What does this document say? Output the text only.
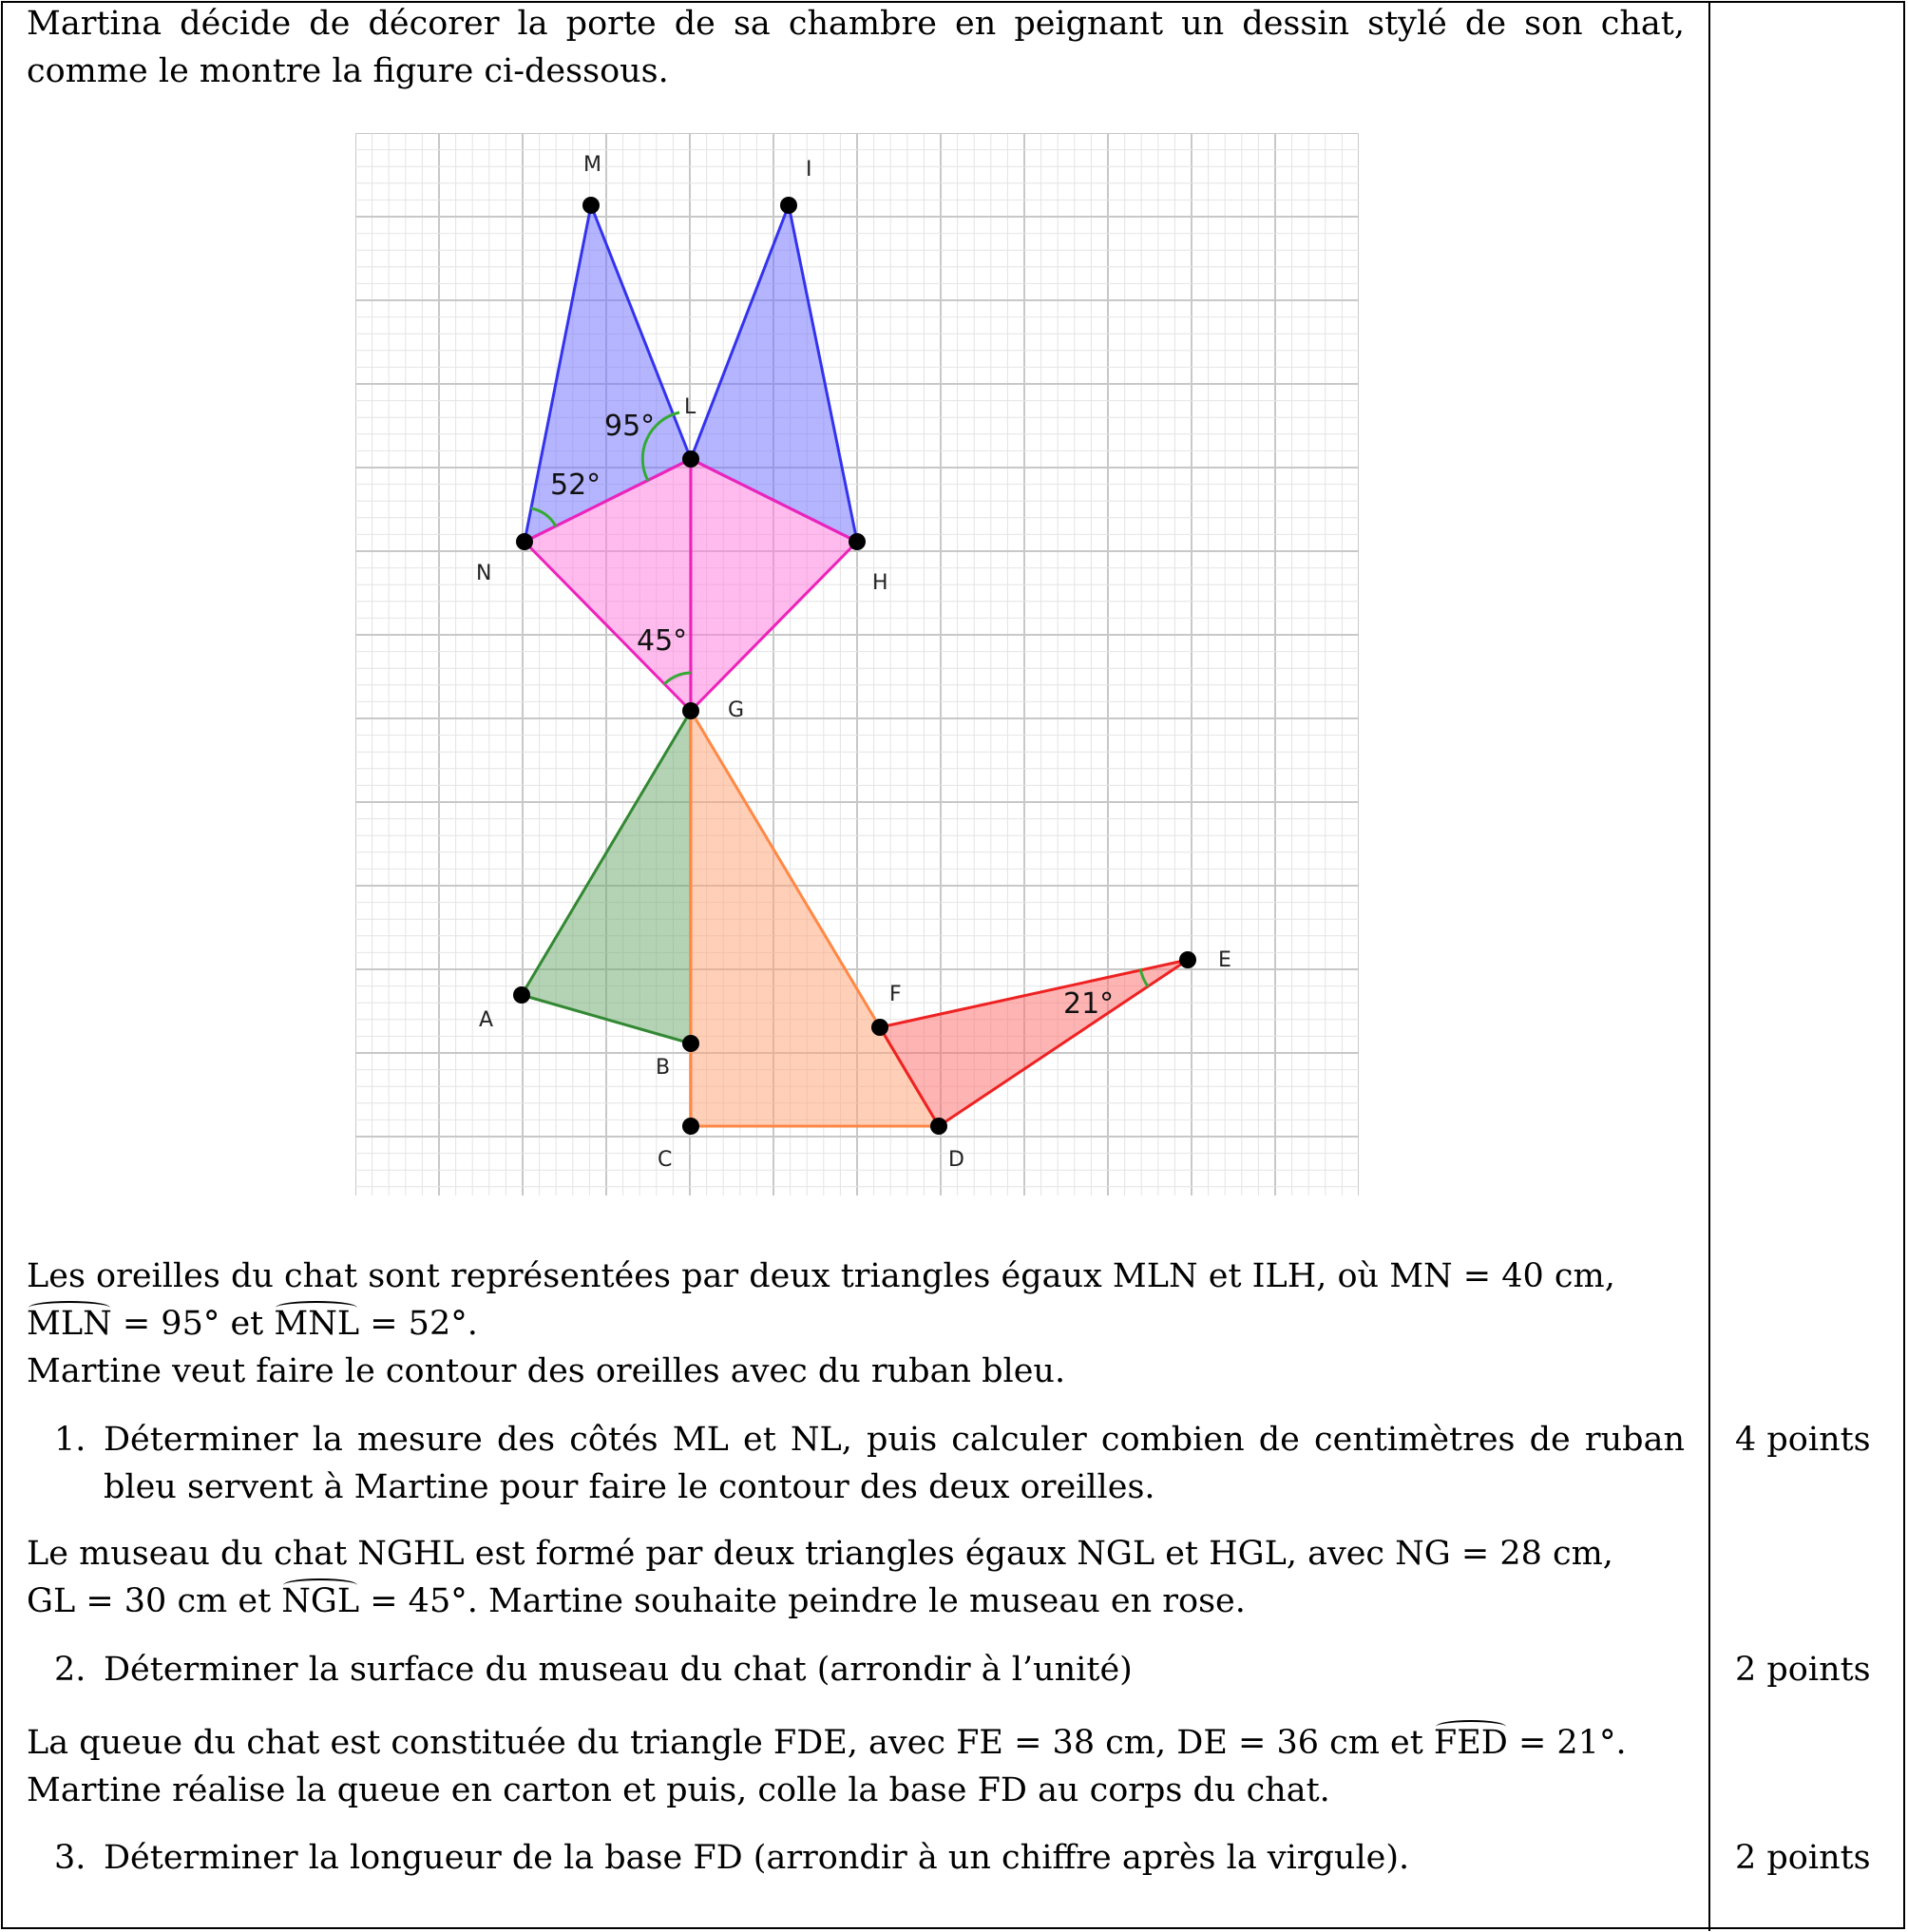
Martina décide de décorer la porte de sa chambre en peignant un dessin stylé de son chat, comme le montre la figure ci-dessous.

52°
95°
45°
21°
M	I
L
N	H
G
A
B
C	D
E
F

Les oreilles du chat sont représentées par deux triangles égaux MLN et ILH, où MN = 40 cm,
MLN = 95° et MNL = 52°.
Martine veut faire le contour des oreilles avec du ruban bleu.

1. Déterminer la mesure des côtés ML et NL, puis calculer combien de centimètres de ruban bleu servent à Martine pour faire le contour des deux oreilles.
4 points

Le museau du chat NGHL est formé par deux triangles égaux NGL et HGL, avec NG = 28 cm,
GL = 30 cm et NGL = 45°. Martine souhaite peindre le museau en rose.

2. Déterminer la surface du museau du chat (arrondir à l’unité)	2 points

La queue du chat est constituée du triangle FDE, avec FE = 38 cm, DE = 36 cm et FED = 21°.
Martine réalise la queue en carton et puis, colle la base FD au corps du chat.

3. Déterminer la longueur de la base FD (arrondir à un chiffre après la virgule).	2 points
